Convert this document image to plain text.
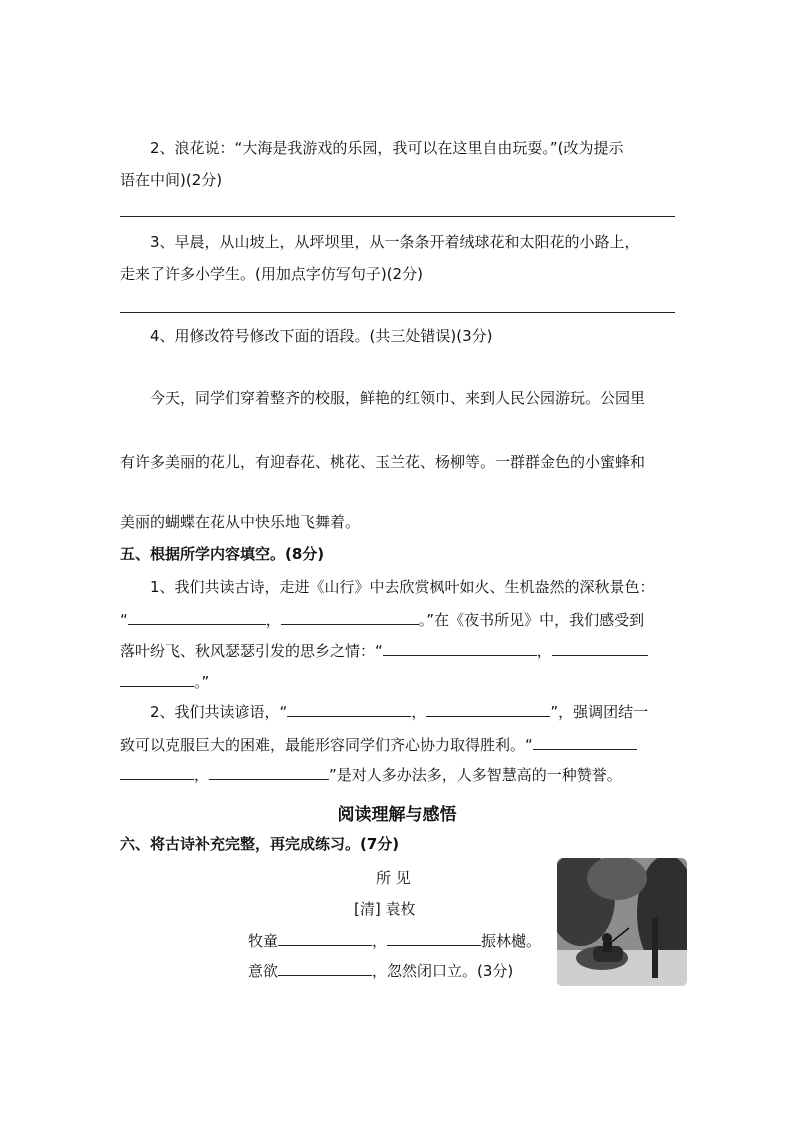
2、浪花说：“大海是我游戏的乐园，我可以在这里自由玩耍。”(改为提示
语在中间)(2分)
3、早晨，从山坡上，从坪坝里，从一条条开着绒球花和太阳花的小路上，
走来了许多小学生。(用加点字仿写句子)(2分)
4、用修改符号修改下面的语段。(共三处错误)(3分)
今天，同学们穿着整齐的校服，鲜艳的红领巾、来到人民公园游玩。公园里
有许多美丽的花儿，有迎春花、桃花、玉兰花、杨柳等。一群群金色的小蜜蜂和
美丽的蝴蝶在花从中快乐地飞舞着。
五、根据所学内容填空。(8分)
1、我们共读古诗，走进《山行》中去欣赏枫叶如火、生机盎然的深秋景色：
“	，	。”在《夜书所见》中，我们感受到
落叶纷飞、秋风瑟瑟引发的思乡之情：“	，
。”
2、我们共读谚语，“	，	”，强调团结一
致可以克服巨大的困难，最能形容同学们齐心协力取得胜利。“
，	”是对人多办法多，人多智慧高的一种赞誉。
阅读理解与感悟
六、将古诗补充完整，再完成练习。(7分)
所 见
[清] 袁枚
牧童	，	振林樾。
意欲	，忽然闭口立。(3分)
